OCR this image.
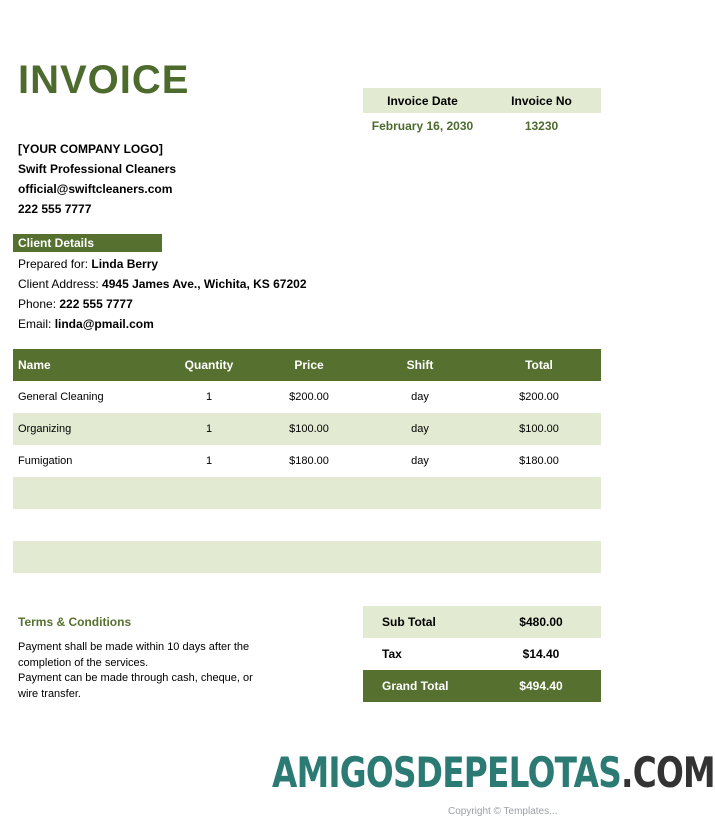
INVOICE	Invoice Date	Invoice No
February 16, 2030	13230
[YOUR COMPANY LOGO]
Swift Professional Cleaners
official@swiftcleaners.com
222 555 7777
Client Details
Prepared for: Linda Berry
Client Address: 4945 James Ave., Wichita, KS 67202
Phone: 222 555 7777
Email: linda@pmail.com
Name	Quantity	Price	Shift	Total
General Cleaning	1	$200.00	day	$200.00
Organizing	1	$100.00	day	$100.00
Fumigation	1	$180.00	day	$180.00
Terms & Conditions
Payment shall be made within 10 days after the completion of the services.
Payment can be made through cash, cheque, or wire transfer.
Sub Total	$480.00
Tax	$14.40
Grand Total	$494.40
AMIGOSDEPELOTAS.COM
Copyright © Templates...
